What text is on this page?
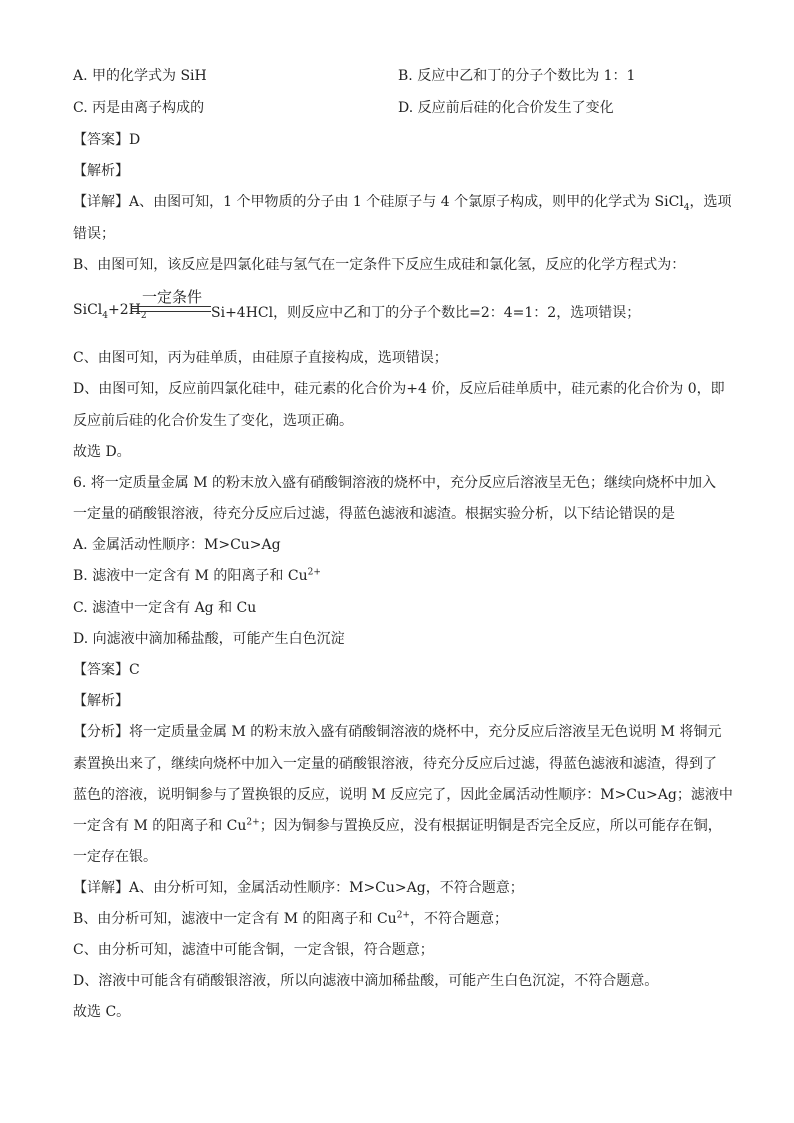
A. 甲的化学式为 SiH	B. 反应中乙和丁的分子个数比为 1：1
C. 丙是由离子构成的	D. 反应前后硅的化合价发生了变化
【答案】D
【解析】
【详解】A、由图可知，1 个甲物质的分子由 1 个硅原子与 4 个氯原子构成，则甲的化学式为 SiCl$_4$，选项
错误；
B、由图可知，该反应是四氯化硅与氢气在一定条件下反应生成硅和氯化氢，反应的化学方程式为：
$SiCl_4+2H_2$
一定条件
Si+4HCl，则反应中乙和丁的分子个数比=2：4=1：2，选项错误；
C、由图可知，丙为硅单质，由硅原子直接构成，选项错误；
D、由图可知，反应前四氯化硅中，硅元素的化合价为+4 价，反应后硅单质中，硅元素的化合价为 0，即
反应前后硅的化合价发生了变化，选项正确。
故选 D。
6. 将一定质量金属 M 的粉末放入盛有硝酸铜溶液的烧杯中，充分反应后溶液呈无色；继续向烧杯中加入
一定量的硝酸银溶液，待充分反应后过滤，得蓝色滤液和滤渣。根据实验分析，以下结论错误的是
A. 金属活动性顺序：M>Cu>Ag
B. 滤液中一定含有 M 的阳离子和 $Cu^{2+}$
C. 滤渣中一定含有 Ag 和 Cu
D. 向滤液中滴加稀盐酸，可能产生白色沉淀
【答案】C
【解析】
【分析】将一定质量金属 M 的粉末放入盛有硝酸铜溶液的烧杯中，充分反应后溶液呈无色说明 M 将铜元
素置换出来了，继续向烧杯中加入一定量的硝酸银溶液，待充分反应后过滤，得蓝色滤液和滤渣，得到了
蓝色的溶液，说明铜参与了置换银的反应，说明 M 反应完了，因此金属活动性顺序：M>Cu>Ag；滤液中
一定含有 M 的阳离子和 $Cu^{2+}$；因为铜参与置换反应，没有根据证明铜是否完全反应，所以可能存在铜，
一定存在银。
【详解】A、由分析可知，金属活动性顺序：M>Cu>Ag，不符合题意；
B、由分析可知，滤液中一定含有 M 的阳离子和 $Cu^{2+}$，不符合题意；
C、由分析可知，滤渣中可能含铜，一定含银，符合题意；
D、溶液中可能含有硝酸银溶液，所以向滤液中滴加稀盐酸，可能产生白色沉淀，不符合题意。
故选 C。
